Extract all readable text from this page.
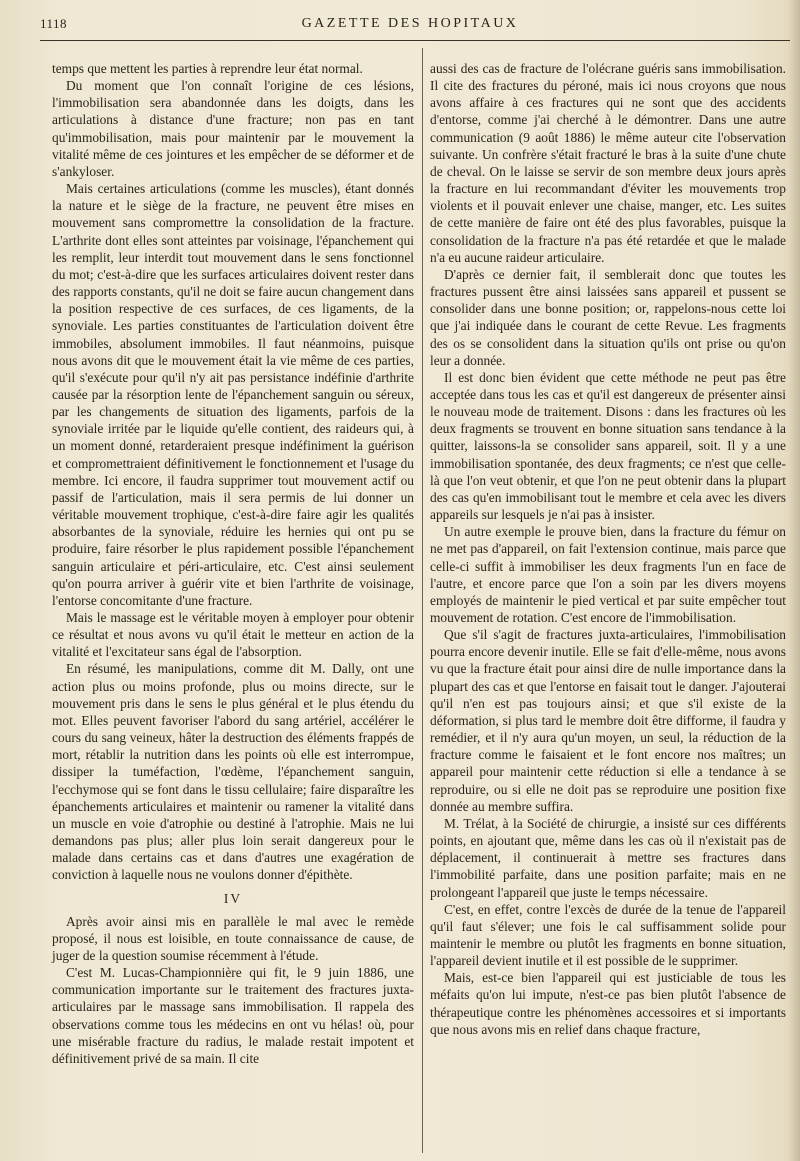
1118	GAZETTE DES HOPITAUX

temps que mettent les parties à reprendre leur état normal.

Du moment que l'on connaît l'origine de ces lésions, l'immobilisation sera abandonnée dans les doigts, dans les articulations à distance d'une fracture; non pas en tant qu'immobilisation, mais pour maintenir par le mouvement la vitalité même de ces jointures et les empêcher de se déformer et de s'ankyloser.

Mais certaines articulations (comme les muscles), étant donnés la nature et le siège de la fracture, ne peuvent être mises en mouvement sans compromettre la consolidation de la fracture. L'arthrite dont elles sont atteintes par voisinage, l'épanchement qui les remplit, leur interdit tout mouvement dans le sens fonctionnel du mot; c'est-à-dire que les surfaces articulaires doivent rester dans des rapports constants, qu'il ne doit se faire aucun changement dans la position respective de ces surfaces, de ces ligaments, de la synoviale. Les parties constituantes de l'articulation doivent être immobiles, absolument immobiles. Il faut néanmoins, puisque nous avons dit que le mouvement était la vie même de ces parties, qu'il s'exécute pour qu'il n'y ait pas persistance indéfinie d'arthrite causée par la résorption lente de l'épanchement sanguin ou séreux, par les changements de situation des ligaments, parfois de la synoviale irritée par le liquide qu'elle contient, des raideurs qui, à un moment donné, retarderaient presque indéfiniment la guérison et compromettraient définitivement le fonctionnement et l'usage du membre. Ici encore, il faudra supprimer tout mouvement actif ou passif de l'articulation, mais il sera permis de lui donner un véritable mouvement trophique, c'est-à-dire faire agir les qualités absorbantes de la synoviale, réduire les hernies qui ont pu se produire, faire résorber le plus rapidement possible l'épanchement sanguin articulaire et péri-articulaire, etc. C'est ainsi seulement qu'on pourra arriver à guérir vite et bien l'arthrite de voisinage, l'entorse concomitante d'une fracture.

Mais le massage est le véritable moyen à employer pour obtenir ce résultat et nous avons vu qu'il était le metteur en action de la vitalité et l'excitateur sans égal de l'absorption.

En résumé, les manipulations, comme dit M. Dally, ont une action plus ou moins profonde, plus ou moins directe, sur le mouvement pris dans le sens le plus général et le plus étendu du mot. Elles peuvent favoriser l'abord du sang artériel, accélérer le cours du sang veineux, hâter la destruction des éléments frappés de mort, rétablir la nutrition dans les points où elle est interrompue, dissiper la tuméfaction, l'œdème, l'épanchement sanguin, l'ecchymose qui se font dans le tissu cellulaire; faire disparaître les épanchements articulaires et maintenir ou ramener la vitalité dans un muscle en voie d'atrophie ou destiné à l'atrophie. Mais ne lui demandons pas plus; aller plus loin serait dangereux pour le malade dans certains cas et dans d'autres une exagération de conviction à laquelle nous ne voulons donner d'épithète.

IV

Après avoir ainsi mis en parallèle le mal avec le remède proposé, il nous est loisible, en toute connaissance de cause, de juger de la question soumise récemment à l'étude.

C'est M. Lucas-Championnière qui fit, le 9 juin 1886, une communication importante sur le traitement des fractures juxta-articulaires par le massage sans immobilisation. Il rappela des observations comme tous les médecins en ont vu hélas! où, pour une misérable fracture du radius, le malade restait impotent et définitivement privé de sa main. Il cite

aussi des cas de fracture de l'olécrane guéris sans immobilisation. Il cite des fractures du péroné, mais ici nous croyons que nous avons affaire à ces fractures qui ne sont que des accidents d'entorse, comme j'ai cherché à le démontrer. Dans une autre communication (9 août 1886) le même auteur cite l'observation suivante. Un confrère s'était fracturé le bras à la suite d'une chute de cheval. On le laisse se servir de son membre deux jours après la fracture en lui recommandant d'éviter les mouvements trop violents et il pouvait enlever une chaise, manger, etc. Les suites de cette manière de faire ont été des plus favorables, puisque la consolidation de la fracture n'a pas été retardée et que le malade n'a eu aucune raideur articulaire.

D'après ce dernier fait, il semblerait donc que toutes les fractures pussent être ainsi laissées sans appareil et pussent se consolider dans une bonne position; or, rappelons-nous cette loi que j'ai indiquée dans le courant de cette Revue. Les fragments des os se consolident dans la situation qu'ils ont prise ou qu'on leur a donnée.

Il est donc bien évident que cette méthode ne peut pas être acceptée dans tous les cas et qu'il est dangereux de présenter ainsi le nouveau mode de traitement. Disons : dans les fractures où les deux fragments se trouvent en bonne situation sans tendance à la quitter, laissons-la se consolider sans appareil, soit. Il y a une immobilisation spontanée, des deux fragments; ce n'est que celle-là que l'on veut obtenir, et que l'on ne peut obtenir dans la plupart des cas qu'en immobilisant tout le membre et cela avec les divers appareils sur lesquels je n'ai pas à insister.

Un autre exemple le prouve bien, dans la fracture du fémur on ne met pas d'appareil, on fait l'extension continue, mais parce que celle-ci suffit à immobiliser les deux fragments l'un en face de l'autre, et encore parce que l'on a soin par les divers moyens employés de maintenir le pied vertical et par suite empêcher tout mouvement de rotation. C'est encore de l'immobilisation.

Que s'il s'agit de fractures juxta-articulaires, l'immobilisation pourra encore devenir inutile. Elle se fait d'elle-même, nous avons vu que la fracture était pour ainsi dire de nulle importance dans la plupart des cas et que l'entorse en faisait tout le danger. J'ajouterai qu'il n'en est pas toujours ainsi; et que s'il existe de la déformation, si plus tard le membre doit être difforme, il faudra y remédier, et il n'y aura qu'un moyen, un seul, la réduction de la fracture comme le faisaient et le font encore nos maîtres; un appareil pour maintenir cette réduction si elle a tendance à se reproduire, ou si elle ne doit pas se reproduire une position fixe donnée au membre suffira.

M. Trélat, à la Société de chirurgie, a insisté sur ces différents points, en ajoutant que, même dans les cas où il n'existait pas de déplacement, il continuerait à mettre ses fractures dans l'immobilité parfaite, dans une position parfaite; mais en ne prolongeant l'appareil que juste le temps nécessaire.

C'est, en effet, contre l'excès de durée de la tenue de l'appareil qu'il faut s'élever; une fois le cal suffisamment solide pour maintenir le membre ou plutôt les fragments en bonne situation, l'appareil devient inutile et il est possible de le supprimer.

Mais, est-ce bien l'appareil qui est justiciable de tous les méfaits qu'on lui impute, n'est-ce pas bien plutôt l'absence de thérapeutique contre les phénomènes accessoires et si importants que nous avons mis en relief dans chaque fracture,
